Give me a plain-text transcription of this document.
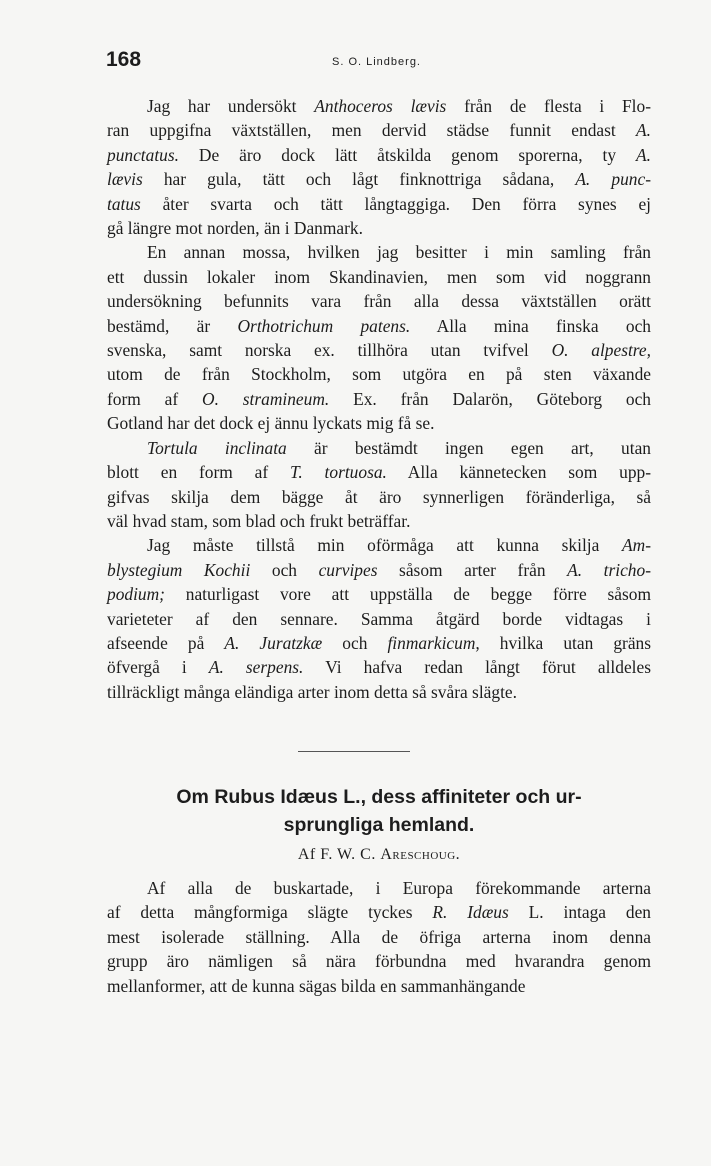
168	S. O. Lindberg.
Jag har undersökt Anthoceros lævis från de flesta i Flo-
ran uppgifna växtställen, men dervid städse funnit endast A.
punctatus. De äro dock lätt åtskilda genom sporerna, ty A.
lævis har gula, tätt och lågt finknottriga sådana, A. punc-
tatus åter svarta och tätt långtaggiga. Den förra synes ej
gå längre mot norden, än i Danmark.
En annan mossa, hvilken jag besitter i min samling från
ett dussin lokaler inom Skandinavien, men som vid noggrann
undersökning befunnits vara från alla dessa växtställen orätt
bestämd, är Orthotrichum patens. Alla mina finska och
svenska, samt norska ex. tillhöra utan tvifvel O. alpestre,
utom de från Stockholm, som utgöra en på sten växande
form af O. stramineum. Ex. från Dalarön, Göteborg och
Gotland har det dock ej ännu lyckats mig få se.
Tortula inclinata är bestämdt ingen egen art, utan
blott en form af T. tortuosa. Alla kännetecken som upp-
gifvas skilja dem bägge åt äro synnerligen föränderliga, så
väl hvad stam, som blad och frukt beträffar.
Jag måste tillstå min oförmåga att kunna skilja Am-
blystegium Kochii och curvipes såsom arter från A. tricho-
podium; naturligast vore att uppställa de begge förre såsom
varieteter af den sennare. Samma åtgärd borde vidtagas i
afseende på A. Juratzkæ och finmarkicum, hvilka utan gräns
öfvergå i A. serpens. Vi hafva redan långt förut alldeles
tillräckligt många eländiga arter inom detta så svåra slägte.
Om Rubus Idæus L., dess affiniteter och ur-
sprungliga hemland.
Af F. W. C. Areschoug.
Af alla de buskartade, i Europa förekommande arterna
af detta mångformiga slägte tyckes R. Idæus L. intaga den
mest isolerade ställning. Alla de öfriga arterna inom denna
grupp äro nämligen så nära förbundna med hvarandra genom
mellanformer, att de kunna sägas bilda en sammanhängande
